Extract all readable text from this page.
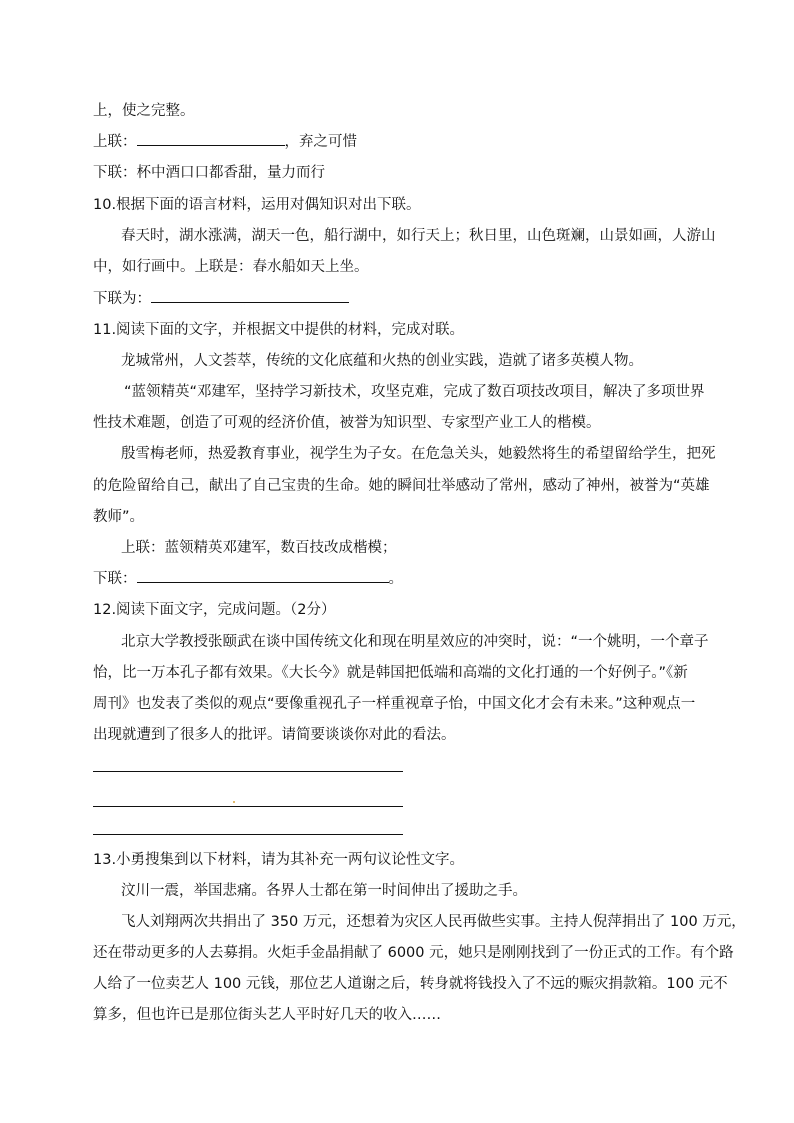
上，使之完整。
上联：	，弃之可惜
下联：杯中酒口口都香甜，量力而行
10.根据下面的语言材料，运用对偶知识对出下联。
春天时，湖水涨满，湖天一色，船行湖中，如行天上；秋日里，山色斑斓，山景如画，人游山
中，如行画中。上联是：春水船如天上坐。
下联为：
11.阅读下面的文字，并根据文中提供的材料，完成对联。
龙城常州，人文荟萃，传统的文化底蕴和火热的创业实践，造就了诸多英模人物。
“蓝领精英“邓建军，坚持学习新技术，攻坚克难，完成了数百项技改项目，解决了多项世界
性技术难题，创造了可观的经济价值，被誉为知识型、专家型产业工人的楷模。
殷雪梅老师，热爱教育事业，视学生为子女。在危急关头，她毅然将生的希望留给学生，把死
的危险留给自己，献出了自己宝贵的生命。她的瞬间壮举感动了常州，感动了神州，被誉为“英雄
教师”。
上联：蓝领精英邓建军，数百技改成楷模；
下联：	。
12.阅读下面文字，完成问题。（2分）
北京大学教授张颐武在谈中国传统文化和现在明星效应的冲突时，说：“一个姚明，一个章子
怡，比一万本孔子都有效果。《大长今》就是韩国把低端和高端的文化打通的一个好例子。”《新
周刊》也发表了类似的观点“要像重视孔子一样重视章子怡，中国文化才会有未来。”这种观点一
出现就遭到了很多人的批评。请简要谈谈你对此的看法。
13.小勇搜集到以下材料，请为其补充一两句议论性文字。
汶川一震，举国悲痛。各界人士都在第一时间伸出了援助之手。
飞人刘翔两次共捐出了 350 万元，还想着为灾区人民再做些实事。主持人倪萍捐出了 100 万元，
还在带动更多的人去募捐。火炬手金晶捐献了 6000 元，她只是刚刚找到了一份正式的工作。有个路
人给了一位卖艺人 100 元钱，那位艺人道谢之后，转身就将钱投入了不远的赈灾捐款箱。100 元不
算多，但也许已是那位街头艺人平时好几天的收入……
